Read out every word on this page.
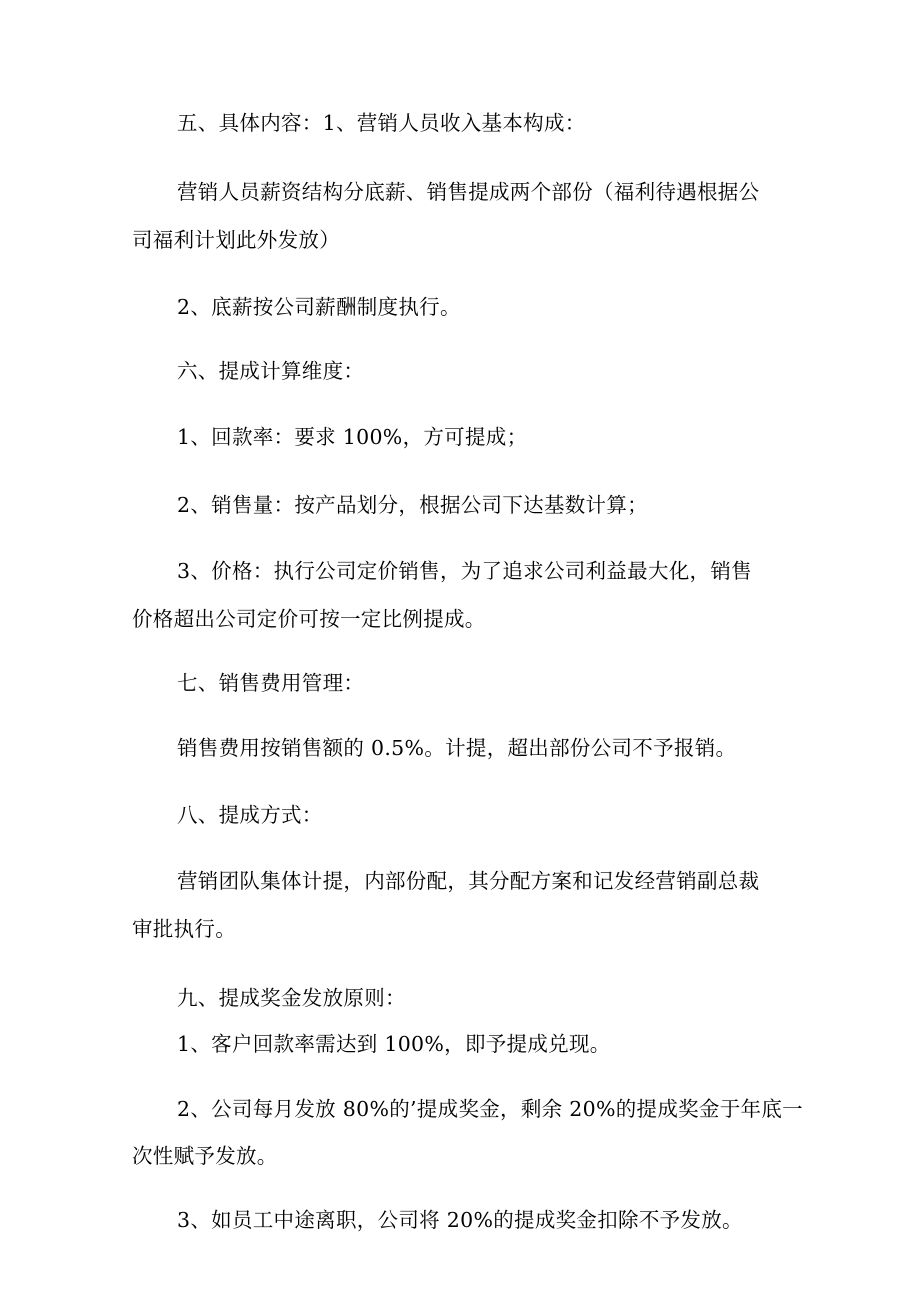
五、具体内容：1、营销人员收入基本构成：
营销人员薪资结构分底薪、销售提成两个部份（福利待遇根据公
司福利计划此外发放）
2、底薪按公司薪酬制度执行。
六、提成计算维度：
1、回款率：要求 100%，方可提成；
2、销售量：按产品划分，根据公司下达基数计算；
3、价格：执行公司定价销售，为了追求公司利益最大化，销售
价格超出公司定价可按一定比例提成。
七、销售费用管理：
销售费用按销售额的 0.5%。计提，超出部份公司不予报销。
八、提成方式：
营销团队集体计提，内部份配，其分配方案和记发经营销副总裁
审批执行。
九、提成奖金发放原则：
1、客户回款率需达到 100%，即予提成兑现。
2、公司每月发放 80%的’提成奖金，剩余 20%的提成奖金于年底一
次性赋予发放。
3、如员工中途离职，公司将 20%的提成奖金扣除不予发放。
